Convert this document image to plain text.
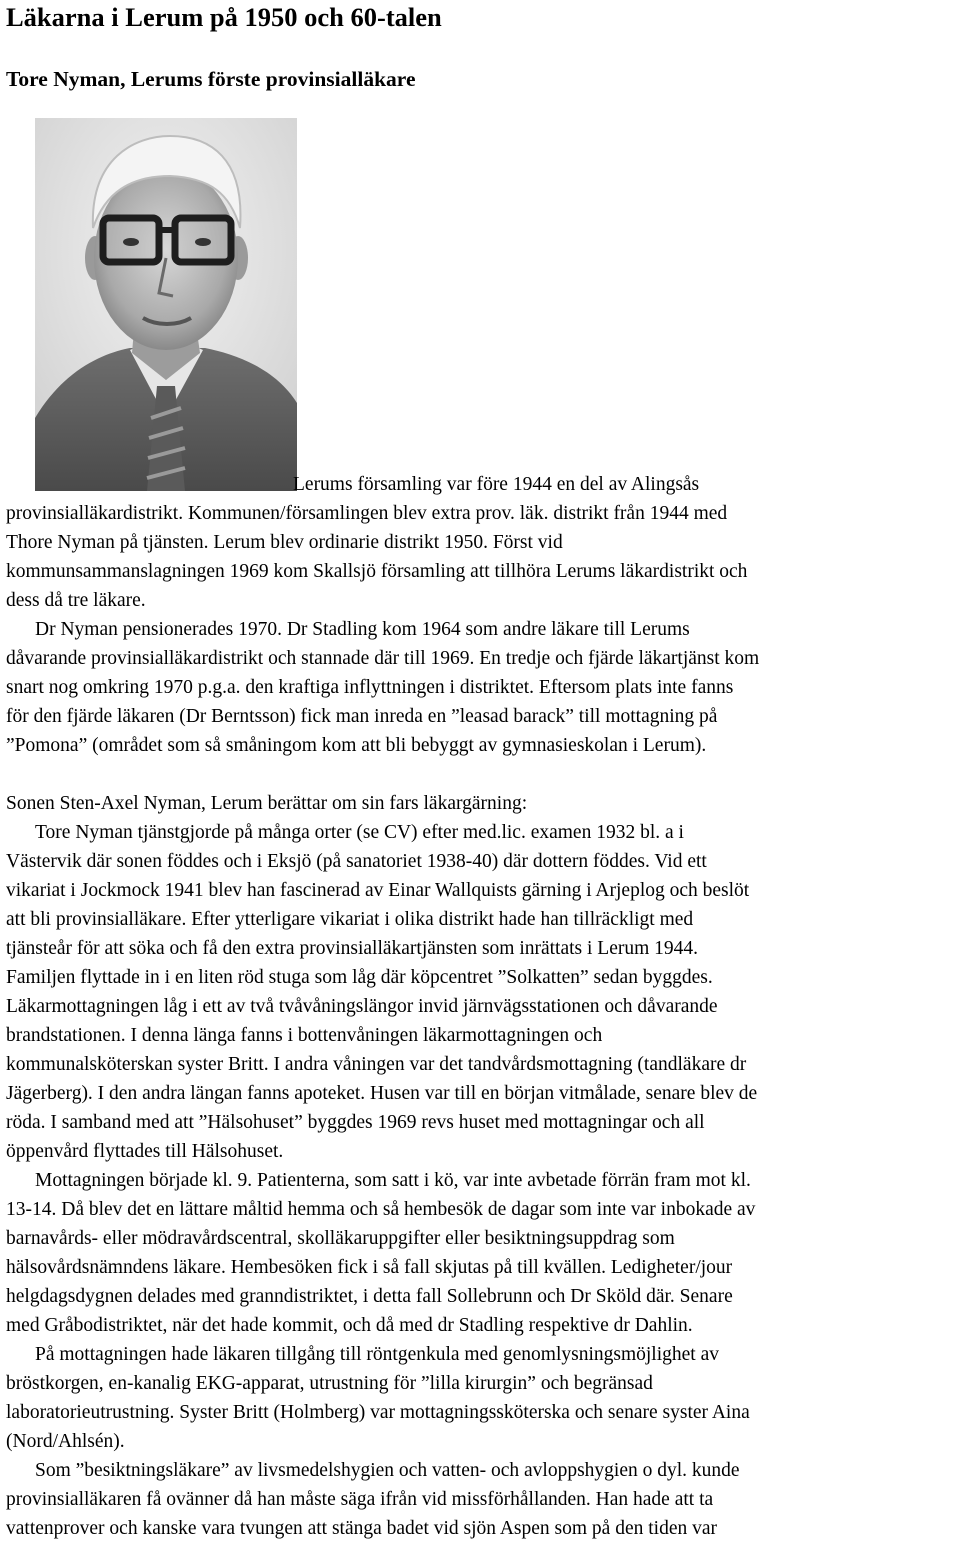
Läkarna i Lerum på 1950 och 60-talen
Tore Nyman, Lerums förste provinsialläkare
Lerums församling var före 1944 en del av Alingsås
provinsialläkardistrikt. Kommunen/församlingen blev extra prov. läk. distrikt från 1944 med
Thore Nyman på tjänsten. Lerum blev ordinarie distrikt 1950. Först vid
kommunsammanslagningen 1969 kom Skallsjö församling att tillhöra Lerums läkardistrikt och
dess då tre läkare.
Dr Nyman pensionerades 1970. Dr Stadling kom 1964 som andre läkare till Lerums
dåvarande provinsialläkardistrikt och stannade där till 1969. En tredje och fjärde läkartjänst kom
snart nog omkring 1970 p.g.a. den kraftiga inflyttningen i distriktet. Eftersom plats inte fanns
för den fjärde läkaren (Dr Berntsson) fick man inreda en ”leasad barack” till mottagning på
”Pomona” (området som så småningom kom att bli bebyggt av gymnasieskolan i Lerum).
Sonen Sten-Axel Nyman, Lerum berättar om sin fars läkargärning:
Tore Nyman tjänstgjorde på många orter (se CV) efter med.lic. examen 1932 bl. a i
Västervik där sonen föddes och i Eksjö (på sanatoriet 1938-40) där dottern föddes. Vid ett
vikariat i Jockmock 1941 blev han fascinerad av Einar Wallquists gärning i Arjeplog och beslöt
att bli provinsialläkare. Efter ytterligare vikariat i olika distrikt hade han tillräckligt med
tjänsteår för att söka och få den extra provinsialläkartjänsten som inrättats i Lerum 1944.
Familjen flyttade in i en liten röd stuga som låg där köpcentret ”Solkatten” sedan byggdes.
Läkarmottagningen låg i ett av två tvåvåningslängor invid järnvägsstationen och dåvarande
brandstationen. I denna länga fanns i bottenvåningen läkarmottagningen och
kommunalsköterskan syster Britt. I andra våningen var det tandvårdsmottagning (tandläkare dr
Jägerberg). I den andra längan fanns apoteket. Husen var till en början vitmålade, senare blev de
röda. I samband med att ”Hälsohuset” byggdes 1969 revs huset med mottagningar och all
öppenvård flyttades till Hälsohuset.
Mottagningen började kl. 9. Patienterna, som satt i kö, var inte avbetade förrän fram mot kl.
13-14. Då blev det en lättare måltid hemma och så hembesök de dagar som inte var inbokade av
barnavårds- eller mödravårdscentral, skolläkaruppgifter eller besiktningsuppdrag som
hälsovårdsnämndens läkare. Hembesöken fick i så fall skjutas på till kvällen. Ledigheter/jour
helgdagsdygnen delades med granndistriktet, i detta fall Sollebrunn och Dr Sköld där. Senare
med Gråbodistriktet, när det hade kommit, och då med dr Stadling respektive dr Dahlin.
På mottagningen hade läkaren tillgång till röntgenkula med genomlysningsmöjlighet av
bröstkorgen, en-kanalig EKG-apparat, utrustning för ”lilla kirurgin” och begränsad
laboratorieutrustning. Syster Britt (Holmberg) var mottagningssköterska och senare syster Aina
(Nord/Ahlsén).
Som ”besiktningsläkare” av livsmedelshygien och vatten- och avloppshygien o dyl. kunde
provinsialläkaren få ovänner då han måste säga ifrån vid missförhållanden. Han hade att ta
vattenprover och kanske vara tvungen att stänga badet vid sjön Aspen som på den tiden var
